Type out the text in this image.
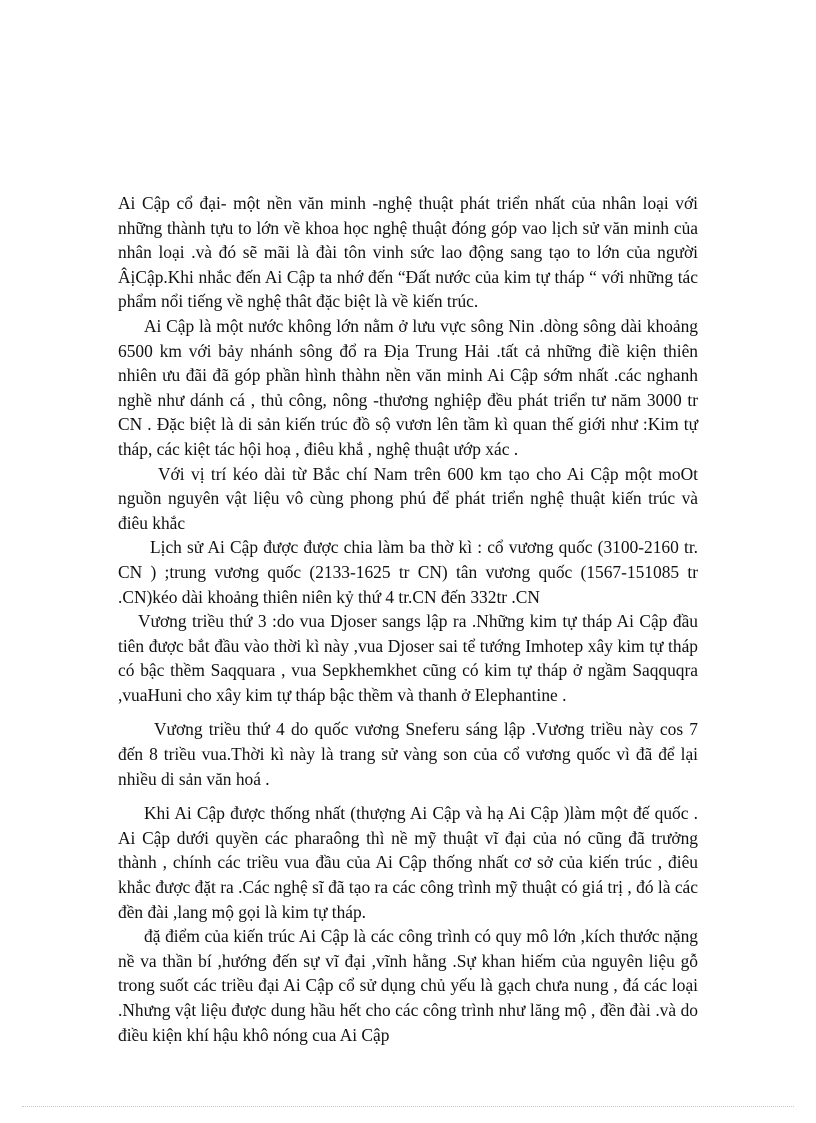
Ai Cập cổ đại- một nền văn minh -nghệ thuật phát triển nhất của nhân loại với những thành tựu to lớn về khoa học nghệ thuật đóng góp vao lịch sử văn minh của nhân loại .và đó sẽ mãi là đài tôn vinh sức lao động sang tạo to lớn của người ÂịCập.Khi nhắc đến Ai Cập ta nhớ đến “Đất nước của kim tự tháp “ với những tác phẩm nổi tiếng về nghệ thât đặc biệt là về kiến trúc.

Ai Cập là một nước không lớn nằm ở lưu vực sông Nin .dòng sông dài khoảng 6500 km với bảy nhánh sông đổ ra Địa Trung Hải .tất cả những điề kiện thiên nhiên ưu đãi đã góp phần hình thàhn nền văn minh Ai Cập sớm nhất .các nghanh nghề như dánh cá , thủ công, nông -thương nghiệp đều phát triển tư năm 3000 tr CN . Đặc biệt là di sản kiến trúc đồ sộ vươn lên tầm kì quan thế giới như :Kim tự tháp, các kiệt tác hội hoạ , điêu khắ , nghệ thuật ướp xác .

Với vị trí kéo dài từ Bắc chí Nam trên 600 km tạo cho Ai Cập một moOt nguồn nguyên vật liệu vô cùng phong phú để phát triển nghệ thuật kiến trúc và điêu khắc

Lịch sử Ai Cập được được chia làm ba thờ kì : cổ vương quốc (3100-2160 tr. CN ) ;trung vương quốc (2133-1625 tr CN) tân vương quốc (1567-151085 tr .CN)kéo dài khoảng thiên niên kỷ thứ 4 tr.CN đến 332tr .CN

Vương triều thứ 3 :do vua Djoser sangs lập ra .Những kim tự tháp Ai Cập đầu tiên được bắt đầu vào thời kì này ,vua Djoser sai tể tướng Imhotep xây kim tự tháp có bậc thềm Saqquara , vua Sepkhemkhet cũng có kim tự tháp ở ngầm Saqquqra ,vuaHuni cho xây kim tự tháp bậc thềm và thanh ở Elephantine .

Vương triều thứ 4 do quốc vương Sneferu sáng lập .Vương triều này cos 7 đến 8 triều vua.Thời kì này là trang sử vàng son của cổ vương quốc vì đã để lại nhiều di sản văn hoá .

Khi Ai Cập được thống nhất (thượng Ai Cập và hạ Ai Cập )làm một đế quốc . Ai Cập dưới quyền các pharaông thì nề mỹ thuật vĩ đại của nó cũng đã trưởng thành , chính các triều vua đầu của Ai Cập thống nhất cơ sở của kiến trúc , điêu khắc được đặt ra .Các nghệ sĩ đã tạo ra các công trình mỹ thuật có giá trị , đó là các đền đài ,lang mộ gọi là kim tự tháp.

đặ điểm của kiến trúc Ai Cập là các công trình có quy mô lớn ,kích thước nặng nề va thần bí ,hướng đến sự vĩ đại ,vĩnh hằng .Sự khan hiếm của nguyên liệu gỗ trong suốt các triều đại Ai Cập cổ sử dụng chủ yếu là gạch chưa nung , đá các loại .Nhưng vật liệu được dung hầu hết cho các công trình như lăng mộ , đền đài .và do điều kiện khí hậu khô nóng cua Ai Cập
